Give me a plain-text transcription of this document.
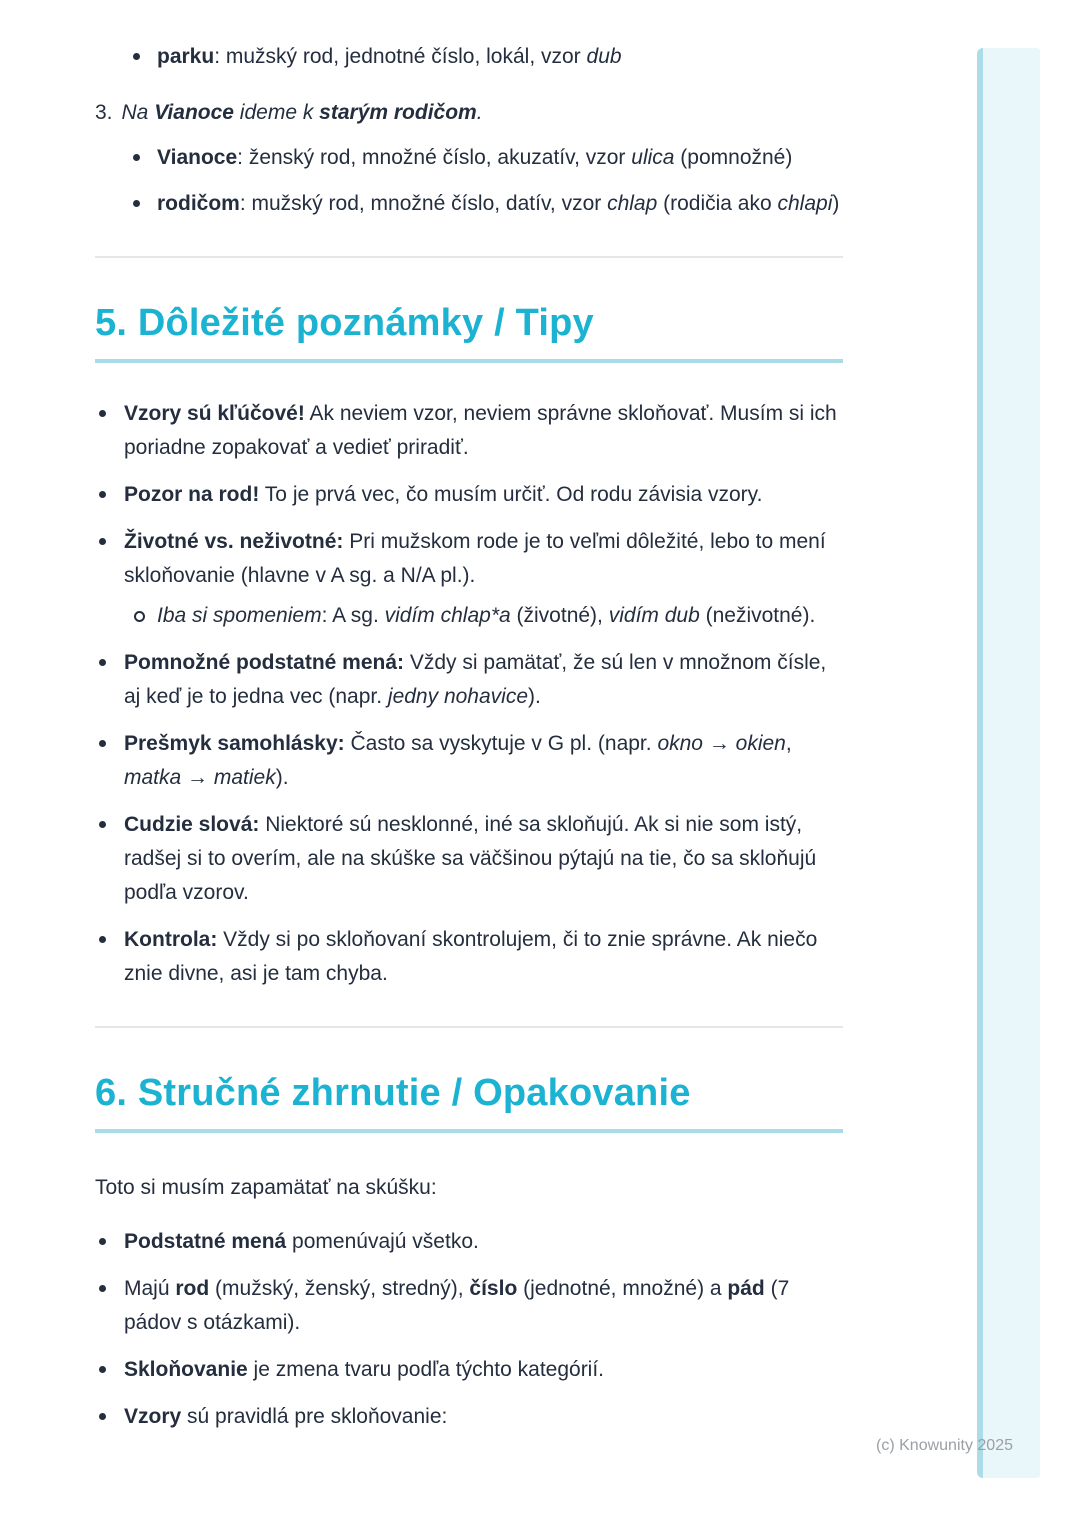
parku: mužský rod, jednotné číslo, lokál, vzor dub
3. Na Vianoce ideme k starým rodičom.
Vianoce: ženský rod, množné číslo, akuzatív, vzor ulica (pomnožné)
rodičom: mužský rod, množné číslo, datív, vzor chlap (rodičia ako chlapi)
5. Dôležité poznámky / Tipy
Vzory sú kľúčové! Ak neviem vzor, neviem správne skloňovať. Musím si ich poriadne zopakovať a vedieť priradiť.
Pozor na rod! To je prvá vec, čo musím určiť. Od rodu závisia vzory.
Životné vs. neživotné: Pri mužskom rode je to veľmi dôležité, lebo to mení skloňovanie (hlavne v A sg. a N/A pl.).
Iba si spomeniem: A sg. vidím chlap*a (životné), vidím dub (neživotné).
Pomnožné podstatné mená: Vždy si pamätať, že sú len v množnom čísle, aj keď je to jedna vec (napr. jedny nohavice).
Prešmyk samohlásky: Často sa vyskytuje v G pl. (napr. okno → okien, matka → matiek).
Cudzie slová: Niektoré sú nesklonné, iné sa skloňujú. Ak si nie som istý, radšej si to overím, ale na skúške sa väčšinou pýtajú na tie, čo sa skloňujú podľa vzorov.
Kontrola: Vždy si po skloňovaní skontrolujem, či to znie správne. Ak niečo znie divne, asi je tam chyba.
6. Stručné zhrnutie / Opakovanie

Toto si musím zapamätať na skúšku:

Podstatné mená pomenúvajú všetko.
Majú rod (mužský, ženský, stredný), číslo (jednotné, množné) a pád (7 pádov s otázkami).
Skloňovanie je zmena tvaru podľa týchto kategórií.
Vzory sú pravidlá pre skloňovanie:
(c) Knowunity 2025
